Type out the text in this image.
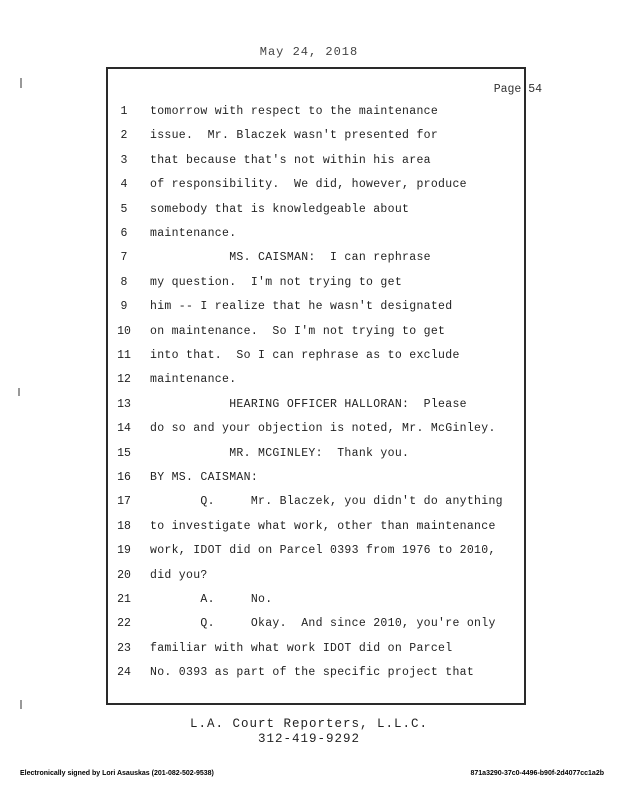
May 24, 2018
Page 54
1	tomorrow with respect to the maintenance
2	issue.  Mr. Blaczek wasn't presented for
3	that because that's not within his area
4	of responsibility.  We did, however, produce
5	somebody that is knowledgeable about
6	maintenance.
7	MS. CAISMAN:  I can rephrase
8	my question.  I'm not trying to get
9	him -- I realize that he wasn't designated
10	on maintenance.  So I'm not trying to get
11	into that.  So I can rephrase as to exclude
12	maintenance.
13	HEARING OFFICER HALLORAN:  Please
14	do so and your objection is noted, Mr. McGinley.
15	MR. MCGINLEY:  Thank you.
16	BY MS. CAISMAN:
17	Q.     Mr. Blaczek, you didn't do anything
18	to investigate what work, other than maintenance
19	work, IDOT did on Parcel 0393 from 1976 to 2010,
20	did you?
21	A.     No.
22	Q.     Okay.  And since 2010, you're only
23	familiar with what work IDOT did on Parcel
24	No. 0393 as part of the specific project that
L.A. Court Reporters, L.L.C.
312-419-9292
Electronically signed by Lori Asauskas (201-082-502-9538)	871a3290-37c0-4496-b90f-2d4077cc1a2b
